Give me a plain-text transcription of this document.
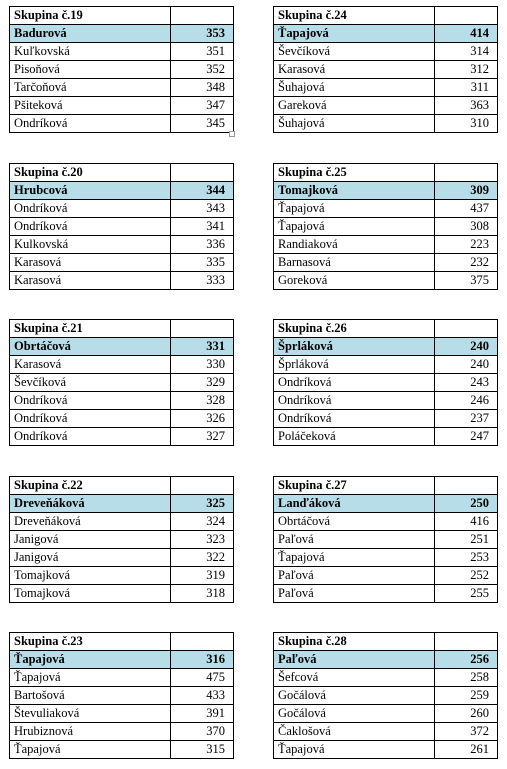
Skupina č.19	
Badurová	353
Kuľkovská	351
Pisoňová	352
Tarčoňová	348
Pšiteková	347
Ondríková	345
Skupina č.24	
Ťapajová	414
Ševčíková	314
Karasová	312
Šuhajová	311
Gareková	363
Šuhajová	310
Skupina č.20	
Hrubcová	344
Ondríková	343
Ondríková	341
Kulkovská	336
Karasová	335
Karasová	333
Skupina č.25	
Tomajková	309
Ťapajová	437
Ťapajová	308
Randiaková	223
Barnasová	232
Goreková	375
Skupina č.21	
Obrtáčová	331
Karasová	330
Ševčíková	329
Ondríková	328
Ondríková	326
Ondríková	327
Skupina č.26	
Šprláková	240
Šprláková	240
Ondríková	243
Ondríková	246
Ondríková	237
Poláčeková	247
Skupina č.22	
Dreveňáková	325
Dreveňáková	324
Janigová	323
Janigová	322
Tomajková	319
Tomajková	318
Skupina č.27	
Lanďáková	250
Obrtáčová	416
Paľová	251
Ťapajová	253
Paľová	252
Paľová	255
Skupina č.23	
Ťapajová	316
Ťapajová	475
Bartošová	433
Števuliaková	391
Hrubiznová	370
Ťapajová	315
Skupina č.28	
Paľová	256
Šefcová	258
Gočálová	259
Gočálová	260
Čaklošová	372
Ťapajová	261
